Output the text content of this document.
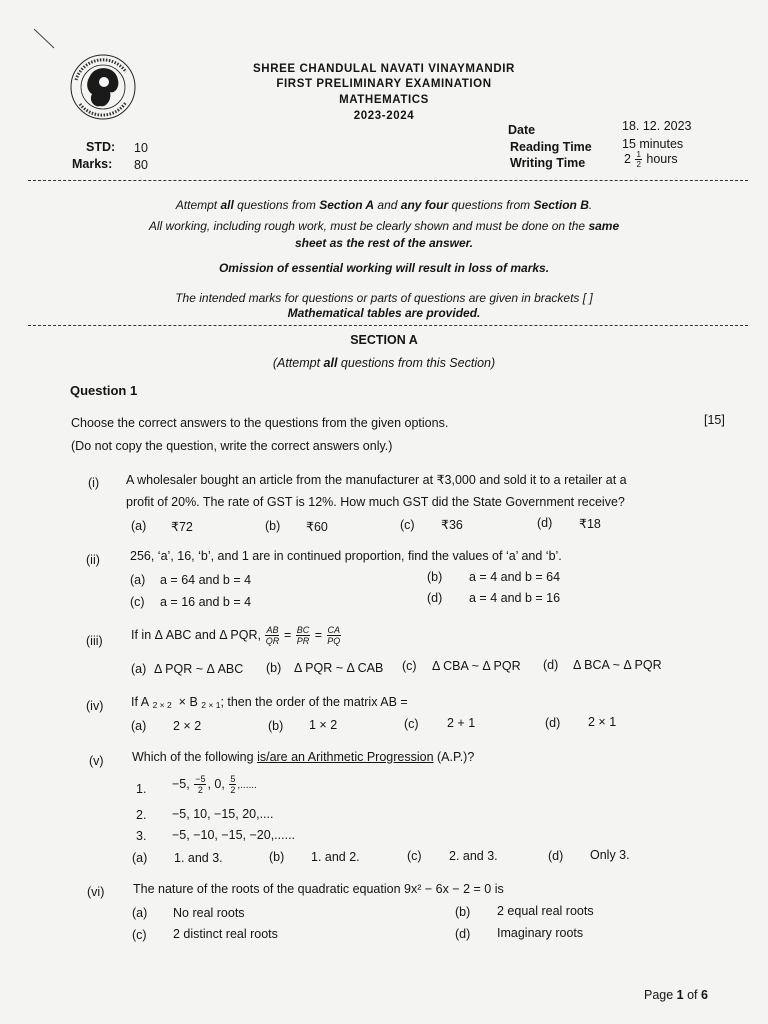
SHREE CHANDULAL NAVATI VINAYMANDIR
FIRST PRELIMINARY EXAMINATION
MATHEMATICS
2023-2024
STD: 10
Marks: 80
Date	18. 12. 2023
Reading Time 15 minutes
Writing Time	$2 \frac{1}{2}$ hours
Attempt all questions from Section A and any four questions from Section B.
All working, including rough work, must be clearly shown and must be done on the same
sheet as the rest of the answer.
Omission of essential working will result in loss of marks.
The intended marks for questions or parts of questions are given in brackets [ ]
Mathematical tables are provided.
SECTION A
(Attempt all questions from this Section)
Question 1
Choose the correct answers to the questions from the given options.	[15]
(Do not copy the question, write the correct answers only.)
(i) A wholesaler bought an article from the manufacturer at ₹3,000 and sold it to a retailer at a
profit of 20%. The rate of GST is 12%. How much GST did the State Government receive?
(a) ₹72	(b) ₹60	(c) ₹36	(d) ₹18
(ii) 256, ‘a’, 16, ‘b’, and 1 are in continued proportion, find the values of ‘a’ and ‘b’.
(a) a = 64 and b = 4	(b) a = 4 and b = 64
(c) a = 16 and b = 4	(d) a = 4 and b = 16
(iii) If in Δ ABC and Δ PQR, $\frac{AB}{QR} = \frac{BC}{PR} = \frac{CA}{PQ}$
(a) Δ PQR ~ Δ ABC (b) Δ PQR ~ Δ CAB (c) Δ CBA ~ Δ PQR (d) Δ BCA ~ Δ PQR
(iv) If A $_{2 \times 2}$ × B $_{2 \times 1}$; then the order of the matrix AB =
(a) 2 × 2	(b) 1 × 2	(c) 2 + 1	(d) 2 × 1
(v) Which of the following is/are an Arithmetic Progression (A.P.)?
1. −5, $\frac{-5}{2}$ , 0, $\frac{5}{2}$ ,......
2. −5, 10, −15, 20,....
3. −5, −10, −15, −20,......
(a) 1. and 3.	(b) 1. and 2.	(c) 2. and 3.	(d) Only 3.
(vi) The nature of the roots of the quadratic equation 9x² − 6x − 2 = 0 is
(a) No real roots	(b) 2 equal real roots
(c) 2 distinct real roots	(d) Imaginary roots
Page 1 of 6
